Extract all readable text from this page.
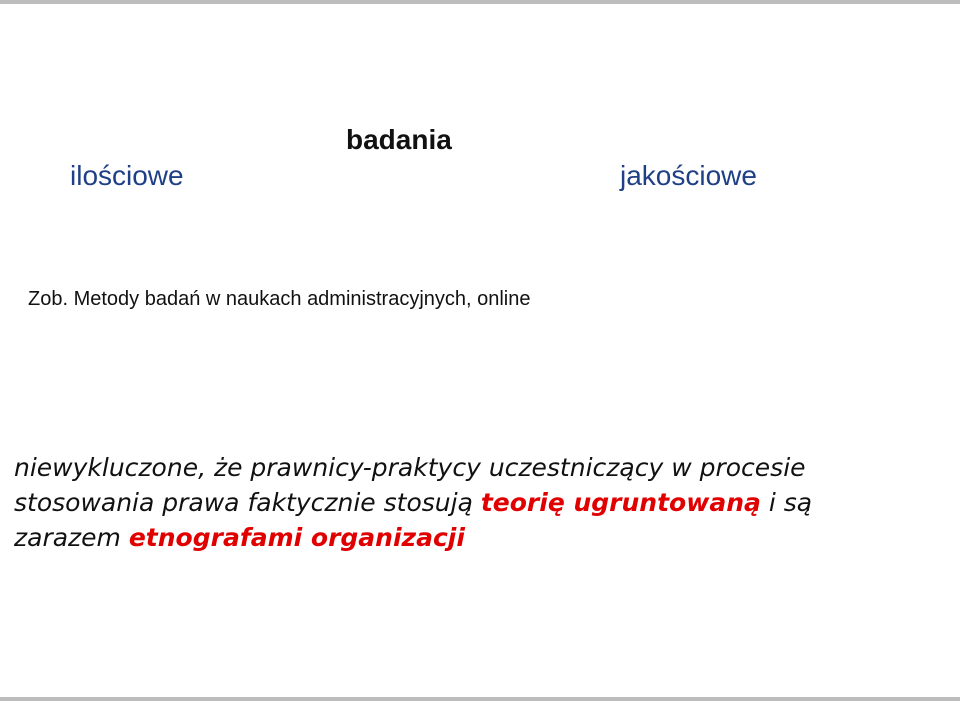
badania
ilościowe	jakościowe
Zob. Metody badań w naukach administracyjnych, online
niewykluczone, że prawnicy-praktycy uczestniczący w procesie
stosowania prawa faktycznie stosują teorię ugruntowaną i są
zarazem etnografami organizacji
